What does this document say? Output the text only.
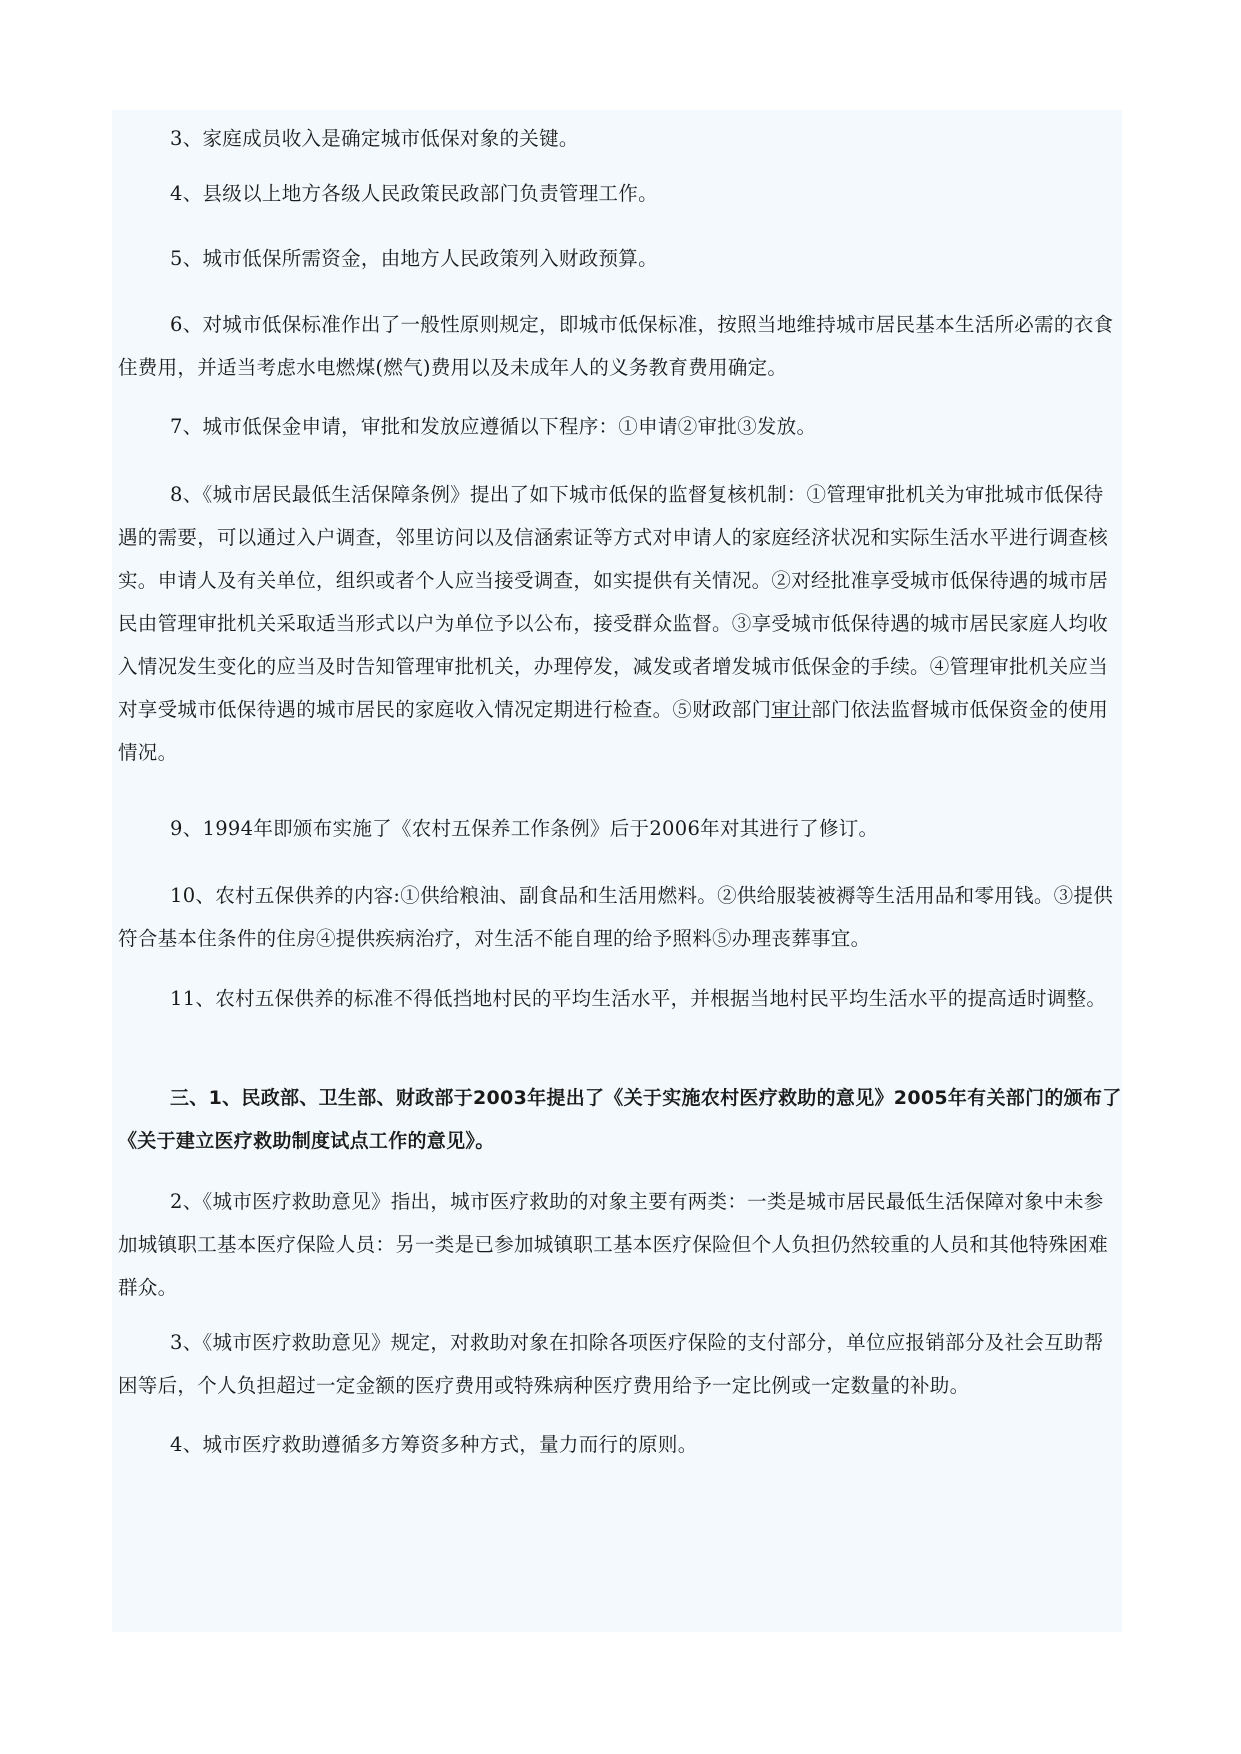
3、家庭成员收入是确定城市低保对象的关键。

4、县级以上地方各级人民政策民政部门负责管理工作。

5、城市低保所需资金，由地方人民政策列入财政预算。

6、对城市低保标准作出了一般性原则规定，即城市低保标准，按照当地维持城市居民基本生活所必需的衣食住费用，并适当考虑水电燃煤(燃气)费用以及未成年人的义务教育费用确定。

7、城市低保金申请，审批和发放应遵循以下程序：①申请②审批③发放。

8、《城市居民最低生活保障条例》提出了如下城市低保的监督复核机制：①管理审批机关为审批城市低保待遇的需要，可以通过入户调查，邻里访问以及信涵索证等方式对申请人的家庭经济状况和实际生活水平进行调查核实。申请人及有关单位，组织或者个人应当接受调查，如实提供有关情况。②对经批准享受城市低保待遇的城市居民由管理审批机关采取适当形式以户为单位予以公布，接受群众监督。③享受城市低保待遇的城市居民家庭人均收入情况发生变化的应当及时告知管理审批机关，办理停发，减发或者增发城市低保金的手续。④管理审批机关应当对享受城市低保待遇的城市居民的家庭收入情况定期进行检查。⑤财政部门审计部门依法监督城市低保资金的使用情况。

9、1994年即颁布实施了《农村五保养工作条例》后于2006年对其进行了修订。

10、农村五保供养的内容:①供给粮油、副食品和生活用燃料。②供给服装被褥等生活用品和零用钱。③提供符合基本住条件的住房④提供疾病治疗，对生活不能自理的给予照料⑤办理丧葬事宜。

11、农村五保供养的标准不得低挡地村民的平均生活水平，并根据当地村民平均生活水平的提高适时调整。

三、1、民政部、卫生部、财政部于2003年提出了《关于实施农村医疗救助的意见》2005年有关部门的颁布了《关于建立医疗救助制度试点工作的意见》。

2、《城市医疗救助意见》指出，城市医疗救助的对象主要有两类：一类是城市居民最低生活保障对象中未参加城镇职工基本医疗保险人员：另一类是已参加城镇职工基本医疗保险但个人负担仍然较重的人员和其他特殊困难群众。

3、《城市医疗救助意见》规定，对救助对象在扣除各项医疗保险的支付部分，单位应报销部分及社会互助帮困等后，个人负担超过一定金额的医疗费用或特殊病种医疗费用给予一定比例或一定数量的补助。

4、城市医疗救助遵循多方筹资多种方式，量力而行的原则。
